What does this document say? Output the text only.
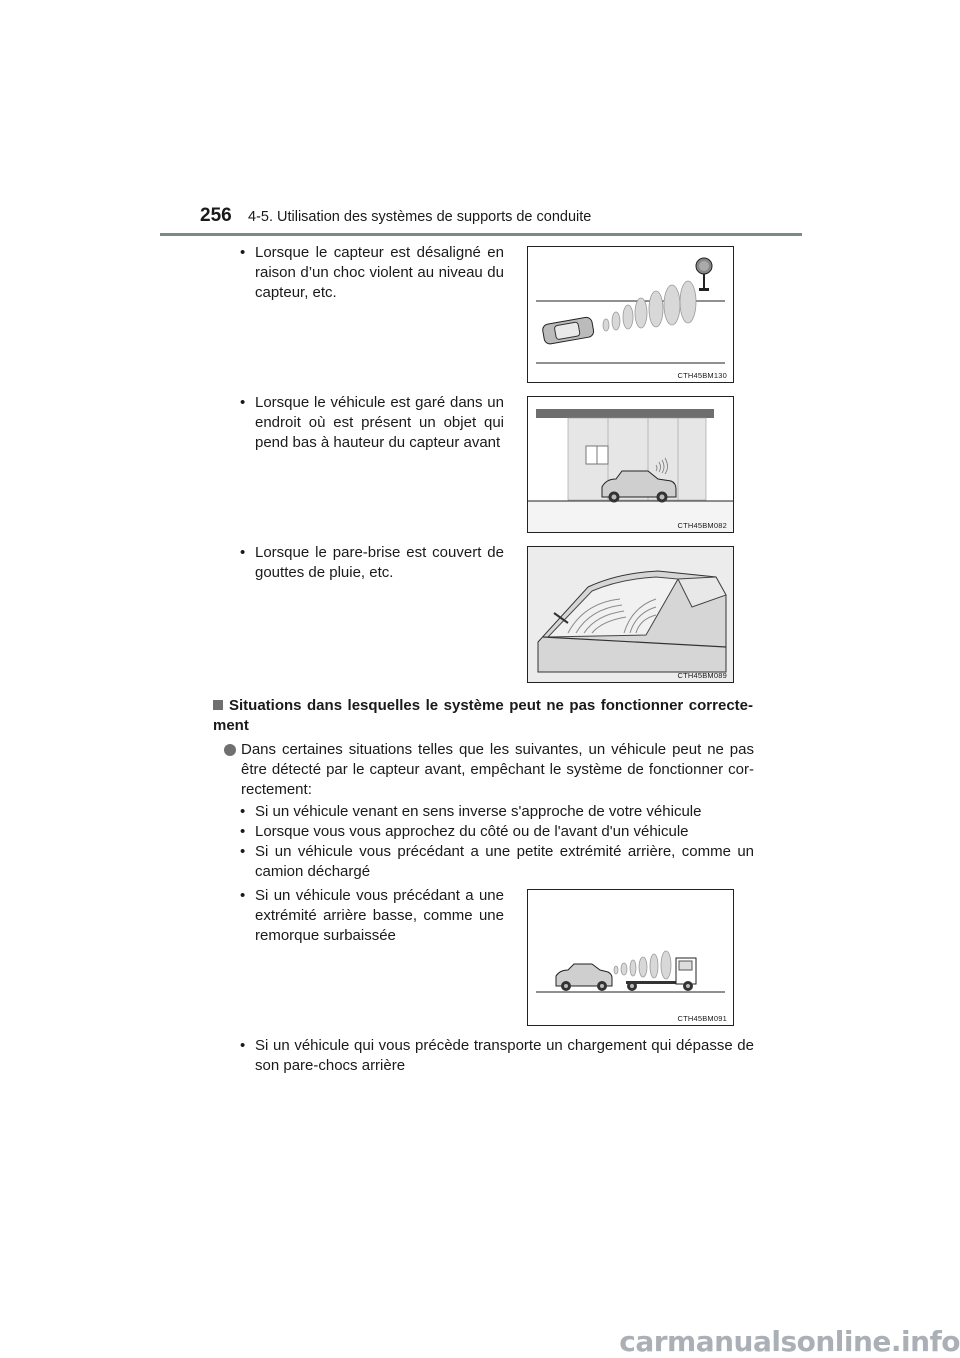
256 4-5. Utilisation des systèmes de supports de conduite
• Lorsque le capteur est désaligné en raison d’un choc violent au niveau du capteur, etc.
CTH45BM130
• Lorsque le véhicule est garé dans un endroit où est présent un objet qui pend bas à hauteur du capteur avant
CTH45BM082
• Lorsque le pare-brise est couvert de gouttes de pluie, etc.
CTH45BM089
Situations dans lesquelles le système peut ne pas fonctionner correcte-ment
Dans certaines situations telles que les suivantes, un véhicule peut ne pas être détecté par le capteur avant, empêchant le système de fonctionner cor-rectement:
• Si un véhicule venant en sens inverse s'approche de votre véhicule
• Lorsque vous vous approchez du côté ou de l'avant d'un véhicule
• Si un véhicule vous précédant a une petite extrémité arrière, comme un camion déchargé
• Si un véhicule vous précédant a une extrémité arrière basse, comme une remorque surbaissée
CTH45BM091
• Si un véhicule qui vous précède transporte un chargement qui dépasse de son pare-chocs arrière
carmanualsonline.info
